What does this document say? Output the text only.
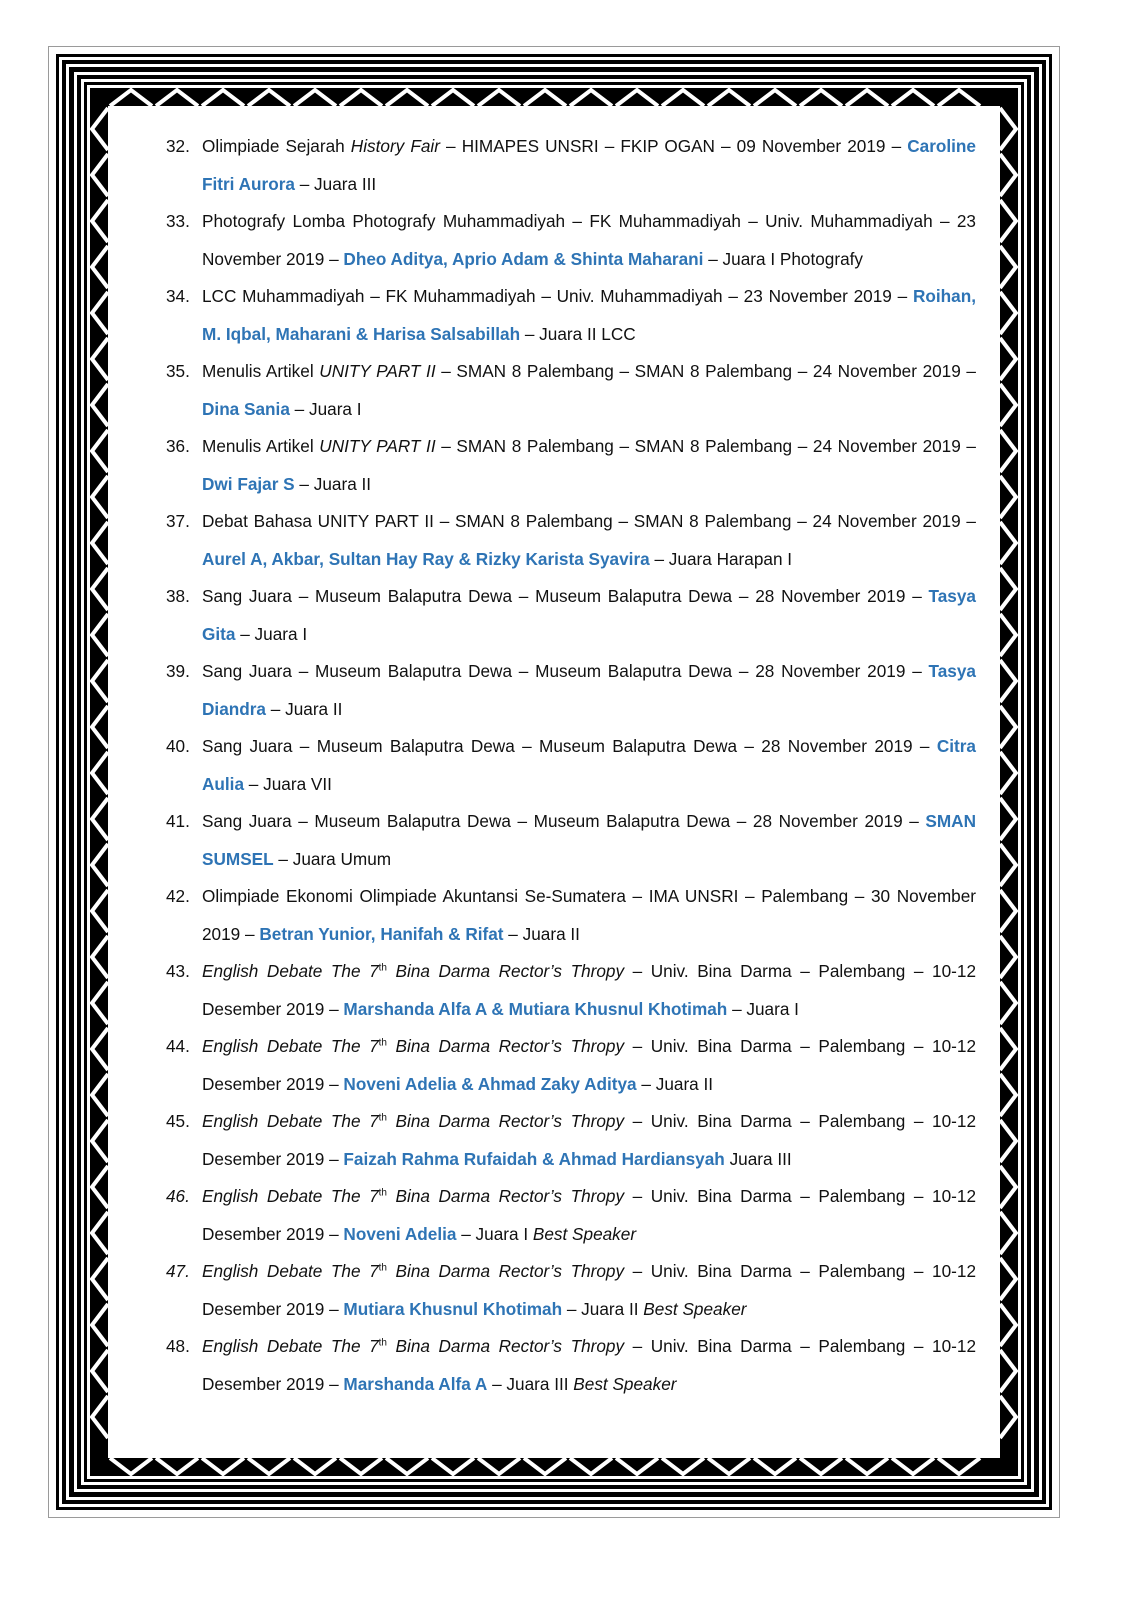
32. Olimpiade Sejarah History Fair – HIMAPES UNSRI – FKIP OGAN – 09 November 2019 – Caroline Fitri Aurora – Juara III
33. Photografy Lomba Photografy Muhammadiyah – FK Muhammadiyah – Univ. Muhammadiyah – 23 November 2019 – Dheo Aditya, Aprio Adam & Shinta Maharani – Juara I Photografy
34. LCC Muhammadiyah – FK Muhammadiyah – Univ. Muhammadiyah – 23 November 2019 – Roihan, M. Iqbal, Maharani & Harisa Salsabillah – Juara II LCC
35. Menulis Artikel UNITY PART II – SMAN 8 Palembang – SMAN 8 Palembang – 24 November 2019 – Dina Sania – Juara I
36. Menulis Artikel UNITY PART II – SMAN 8 Palembang – SMAN 8 Palembang – 24 November 2019 – Dwi Fajar S – Juara II
37. Debat Bahasa UNITY PART II – SMAN 8 Palembang – SMAN 8 Palembang – 24 November 2019 – Aurel A, Akbar, Sultan Hay Ray & Rizky Karista Syavira – Juara Harapan I
38. Sang Juara – Museum Balaputra Dewa – Museum Balaputra Dewa – 28 November 2019 – Tasya Gita – Juara I
39. Sang Juara – Museum Balaputra Dewa – Museum Balaputra Dewa – 28 November 2019 – Tasya Diandra – Juara II
40. Sang Juara – Museum Balaputra Dewa – Museum Balaputra Dewa – 28 November 2019 – Citra Aulia – Juara VII
41. Sang Juara – Museum Balaputra Dewa – Museum Balaputra Dewa – 28 November 2019 – SMAN SUMSEL – Juara Umum
42. Olimpiade Ekonomi Olimpiade Akuntansi Se-Sumatera – IMA UNSRI – Palembang – 30 November 2019 – Betran Yunior, Hanifah & Rifat – Juara II
43. English Debate The 7th Bina Darma Rector’s Thropy – Univ. Bina Darma – Palembang – 10-12 Desember 2019 – Marshanda Alfa A & Mutiara Khusnul Khotimah – Juara I
44. English Debate The 7th Bina Darma Rector’s Thropy – Univ. Bina Darma – Palembang – 10-12 Desember 2019 – Noveni Adelia & Ahmad Zaky Aditya – Juara II
45. English Debate The 7th Bina Darma Rector’s Thropy – Univ. Bina Darma – Palembang – 10-12 Desember 2019 – Faizah Rahma Rufaidah & Ahmad Hardiansyah Juara III
46. English Debate The 7th Bina Darma Rector’s Thropy – Univ. Bina Darma – Palembang – 10-12 Desember 2019 – Noveni Adelia – Juara I Best Speaker
47. English Debate The 7th Bina Darma Rector’s Thropy – Univ. Bina Darma – Palembang – 10-12 Desember 2019 – Mutiara Khusnul Khotimah – Juara II Best Speaker
48. English Debate The 7th Bina Darma Rector’s Thropy – Univ. Bina Darma – Palembang – 10-12 Desember 2019 – Marshanda Alfa A – Juara III Best Speaker
